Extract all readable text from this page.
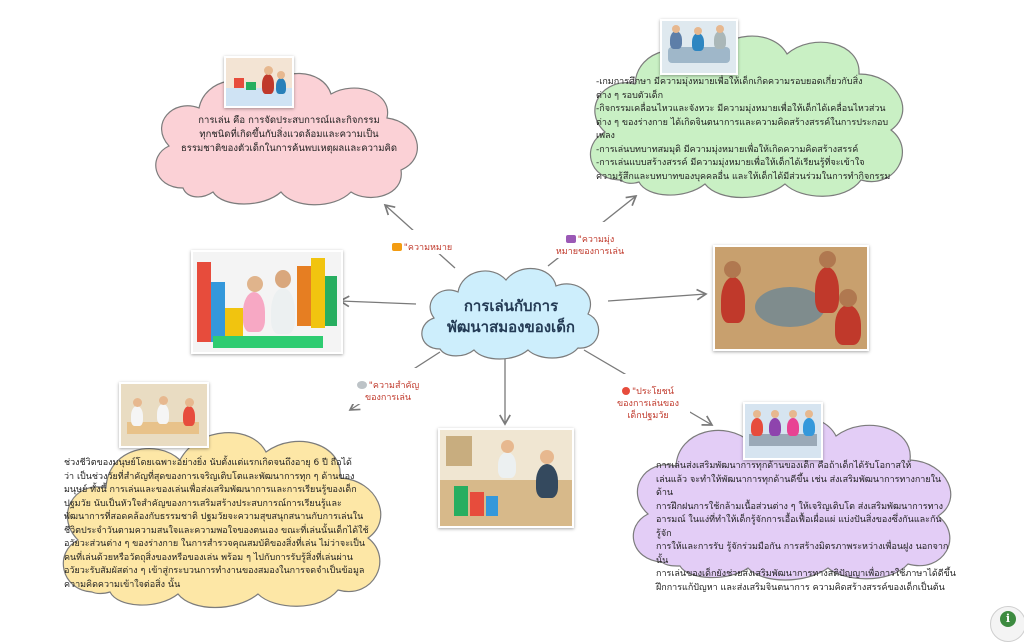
การเล่นกับการ
พัฒนาสมองของเด็ก
การเล่น คือ การจัดประสบการณ์และกิจกรรม
ทุกชนิดที่เกิดขึ้นกับสิ่งแวดล้อมและความเป็น
ธรรมชาติของตัวเด็กในการค้นพบเหตุผลและความคิด
-เกมการศึกษา มีความมุ่งหมายเพื่อให้เด็กเกิดความรอบยอดเกี่ยวกับสิ่ง
ต่าง ๆ รอบตัวเด็ก
-กิจกรรมเคลื่อนไหวและจังหวะ มีความมุ่งหมายเพื่อให้เด็กได้เคลื่อนไหวส่วน
ต่าง ๆ ของร่างกาย ได้เกิดจินตนาการและความคิดสร้างสรรค์ในการประกอบ
เพลง
-การเล่นบทบาทสมมุติ มีความมุ่งหมายเพื่อให้เกิดความคิดสร้างสรรค์
-การเล่นแบบสร้างสรรค์ มีความมุ่งหมายเพื่อให้เด็กได้เรียนรู้ที่จะเข้าใจ
ความรู้สึกและบทบาทของบุคคลอื่น และให้เด็กได้มีส่วนร่วมในการทำกิจกรรม
ช่วงชีวิตของมนุษย์โดยเฉพาะอย่างยิ่ง นับตั้งแต่แรกเกิดจนถึงอายุ 6 ปี ถือได้
ว่า เป็นช่วงวัยที่สำคัญที่สุดของการเจริญเติบโตและพัฒนาการทุก ๆ ด้านของ
มนุษย์ ทั้งนี้ การเล่นและของเล่นเพื่อส่งเสริมพัฒนาการและการเรียนรู้ของเด็ก
ปฐมวัย นับเป็นหัวใจสำคัญของการเสริมสร้างประสบการณ์การเรียนรู้และ
พัฒนาการที่สอดคล้องกับธรรมชาติ ปฐมวัยจะความสุขสนุกสนานกับการเล่นใน
ชีวิตประจำวันตามความสนใจและความพอใจของตนเอง ขณะที่เล่นนั้นเด็กได้ใช้
อวัยวะส่วนต่าง ๆ ของร่างกาย ในการสำรวจคุณสมบัติของสิ่งที่เล่น ไม่ว่าจะเป็น
คนที่เล่นด้วยหรือวัตถุสิ่งของหรือของเล่น พร้อม ๆ ไปกับการรับรู้สิ่งที่เล่นผ่าน
อวัยวะรับสัมผัสต่าง ๆ เข้าสู่กระบวนการทำงานของสมองในการจดจำเป็นข้อมูล
ความคิดความเข้าใจต่อสิ่ง นั้น
การเล่นส่งเสริมพัฒนาการทุกด้านของเด็ก คือถ้าเด็กได้รับโอกาสให้
เล่นแล้ว จะทำให้พัฒนาการทุกด้านดีขึ้น เช่น ส่งเสริมพัฒนาการทางกายในด้าน
การฝึกฝนการใช้กล้ามเนื้อส่วนต่าง ๆ ให้เจริญเติบโต ส่งเสริมพัฒนาการทาง
อารมณ์ ในแง่ที่ทำให้เด็กรู้จักการเอื้อเฟื้อเผื่อแผ่ แบ่งปันสิ่งของซึ่งกันและกัน รู้จัก
การให้และการรับ รู้จักร่วมมือกัน การสร้างมิตรภาพระหว่างเพื่อนฝูง นอกจากนั้น
การเล่นของเด็กยังช่วยส่งเสริมพัฒนาการทางสติปัญญาเพื่อการใช้ภาษาได้ดีขึ้น
ฝึกการแก้ปัญหา และส่งเสริมจินตนาการ ความคิดสร้างสรรค์ของเด็กเป็นต้น

"ความหมาย

"ความมุ่ง
หมายของการเล่น

"ความสำคัญ
ของการเล่น

"ประโยชน์
ของการเล่นของ
เด็กปฐมวัย

i
